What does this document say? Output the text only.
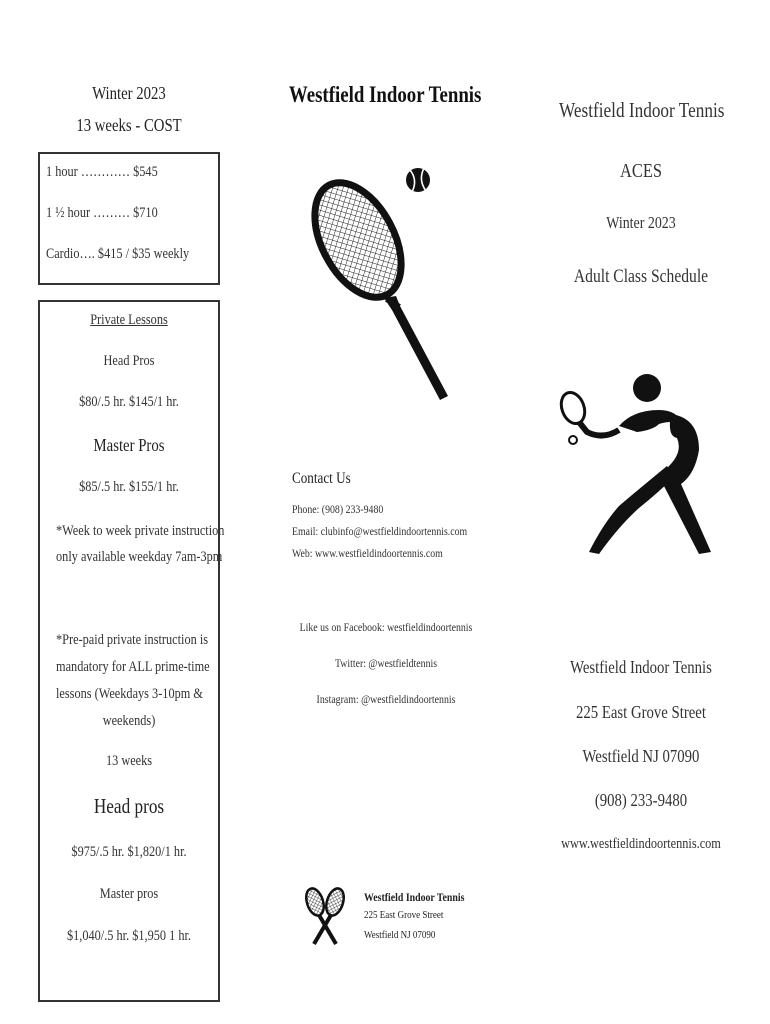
Winter 2023
13 weeks - COST
1 hour ………… $545
1 ½ hour ……… $710
Cardio…. $415 / $35 weekly
Private Lessons
Head Pros
$80/.5 hr. $145/1 hr.
Master Pros
$85/.5 hr. $155/1 hr.
*Week to week private instruction
only available weekday 7am-3pm
*Pre-paid private instruction is
mandatory for ALL prime-time
lessons (Weekdays 3-10pm &
weekends)
13 weeks
Head pros
$975/.5 hr. $1,820/1 hr.
Master pros
$1,040/.5 hr. $1,950 1 hr.
Westfield Indoor Tennis
Contact Us
Phone: (908) 233-9480
Email: clubinfo@westfieldindoortennis.com
Web: www.westfieldindoortennis.com
Like us on Facebook: westfieldindoortennis
Twitter: @westfieldtennis
Instagram: @westfieldindoortennis
Westfield Indoor Tennis
225 East Grove Street
Westfield NJ 07090
Westfield Indoor Tennis
ACES
Winter 2023
Adult Class Schedule
Westfield Indoor Tennis
225 East Grove Street
Westfield NJ 07090
(908) 233-9480
www.westfieldindoortennis.com
